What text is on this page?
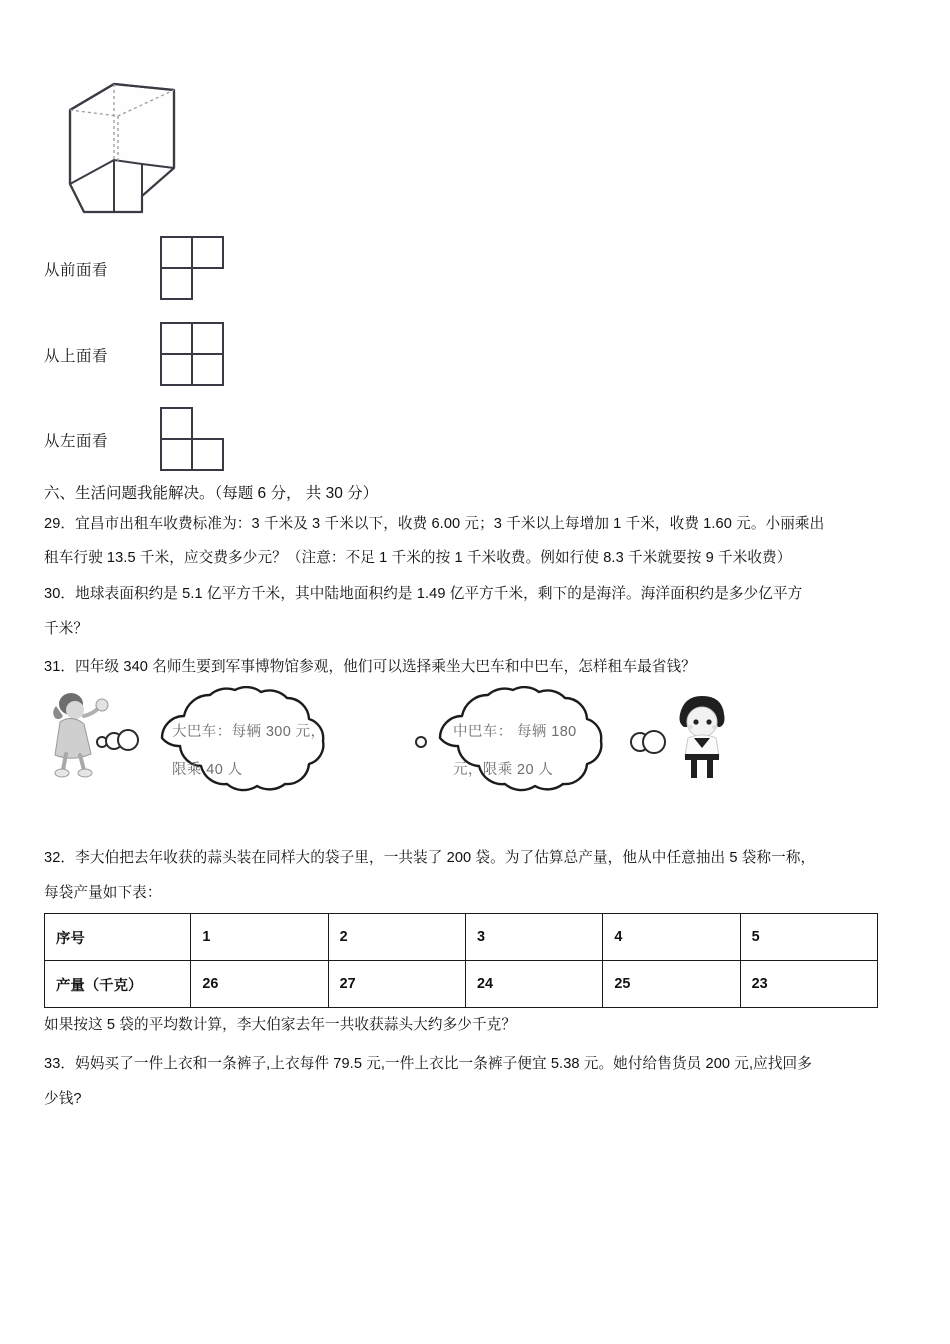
从前面看
从上面看
从左面看
六、生活问题我能解决。（每题 6 分， 共 30 分）
29．宜昌市出租车收费标准为：3 千米及 3 千米以下，收费 6.00 元；3 千米以上每增加 1 千米，收费 1.60 元。小丽乘出
租车行驶 13.5 千米，应交费多少元？（注意：不足 1 千米的按 1 千米收费。例如行使 8.3 千米就要按 9 千米收费）
30．地球表面积约是 5.1 亿平方千米，其中陆地面积约是 1.49 亿平方千米，剩下的是海洋。海洋面积约是多少亿平方
千米？
31．四年级 340 名师生要到军事博物馆参观，他们可以选择乘坐大巴车和中巴车，怎样租车最省钱？
大巴车：每辆 300 元，
限乘 40 人
中巴车： 每辆 180
元，限乘 20 人
32．李大伯把去年收获的蒜头装在同样大的袋子里，一共装了 200 袋。为了估算总产量，他从中任意抽出 5 袋称一称，
每袋产量如下表：
序号	1	2	3	4	5
产量（千克）	26	27	24	25	23
如果按这 5 袋的平均数计算，李大伯家去年一共收获蒜头大约多少千克？
33．妈妈买了一件上衣和一条裤子,上衣每件 79.5 元,一件上衣比一条裤子便宜 5.38 元。她付给售货员 200 元,应找回多
少钱?
